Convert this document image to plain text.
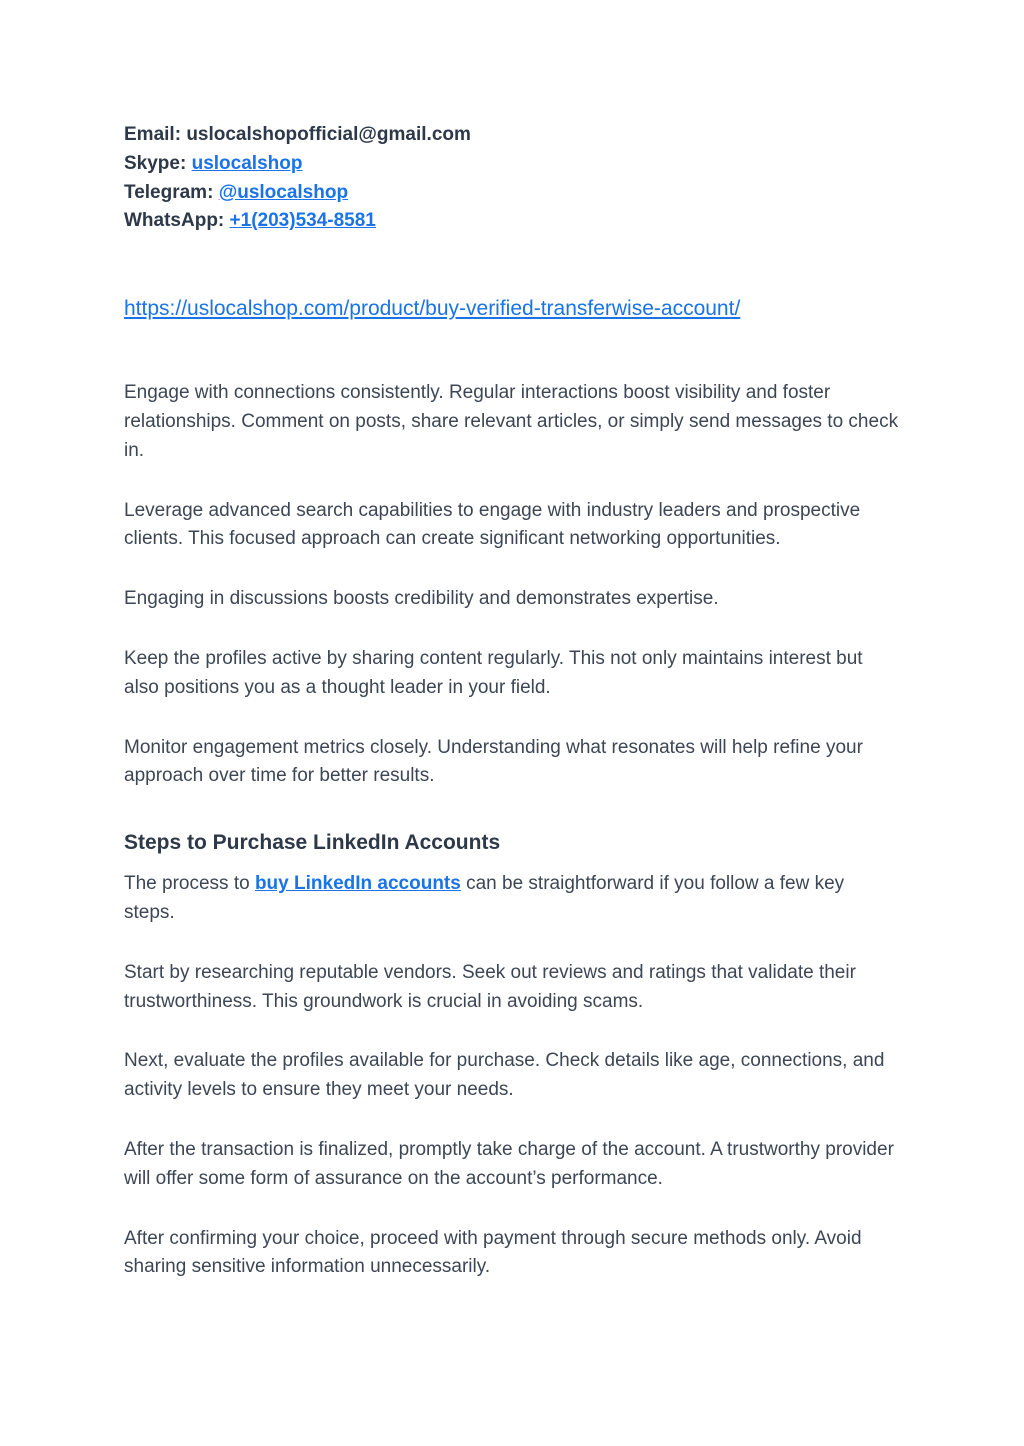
Email: uslocalshopofficial@gmail.com
Skype: uslocalshop
Telegram: @uslocalshop
WhatsApp: +1(203)534-8581
https://uslocalshop.com/product/buy-verified-transferwise-account/

Engage with connections consistently. Regular interactions boost visibility and foster relationships. Comment on posts, share relevant articles, or simply send messages to check in.

Leverage advanced search capabilities to engage with industry leaders and prospective clients. This focused approach can create significant networking opportunities.

Engaging in discussions boosts credibility and demonstrates expertise.

Keep the profiles active by sharing content regularly. This not only maintains interest but also positions you as a thought leader in your field.

Monitor engagement metrics closely. Understanding what resonates will help refine your approach over time for better results.

Steps to Purchase LinkedIn Accounts

The process to buy LinkedIn accounts can be straightforward if you follow a few key steps.

Start by researching reputable vendors. Seek out reviews and ratings that validate their trustworthiness. This groundwork is crucial in avoiding scams.

Next, evaluate the profiles available for purchase. Check details like age, connections, and activity levels to ensure they meet your needs.

After the transaction is finalized, promptly take charge of the account. A trustworthy provider will offer some form of assurance on the account’s performance.

After confirming your choice, proceed with payment through secure methods only. Avoid sharing sensitive information unnecessarily.
